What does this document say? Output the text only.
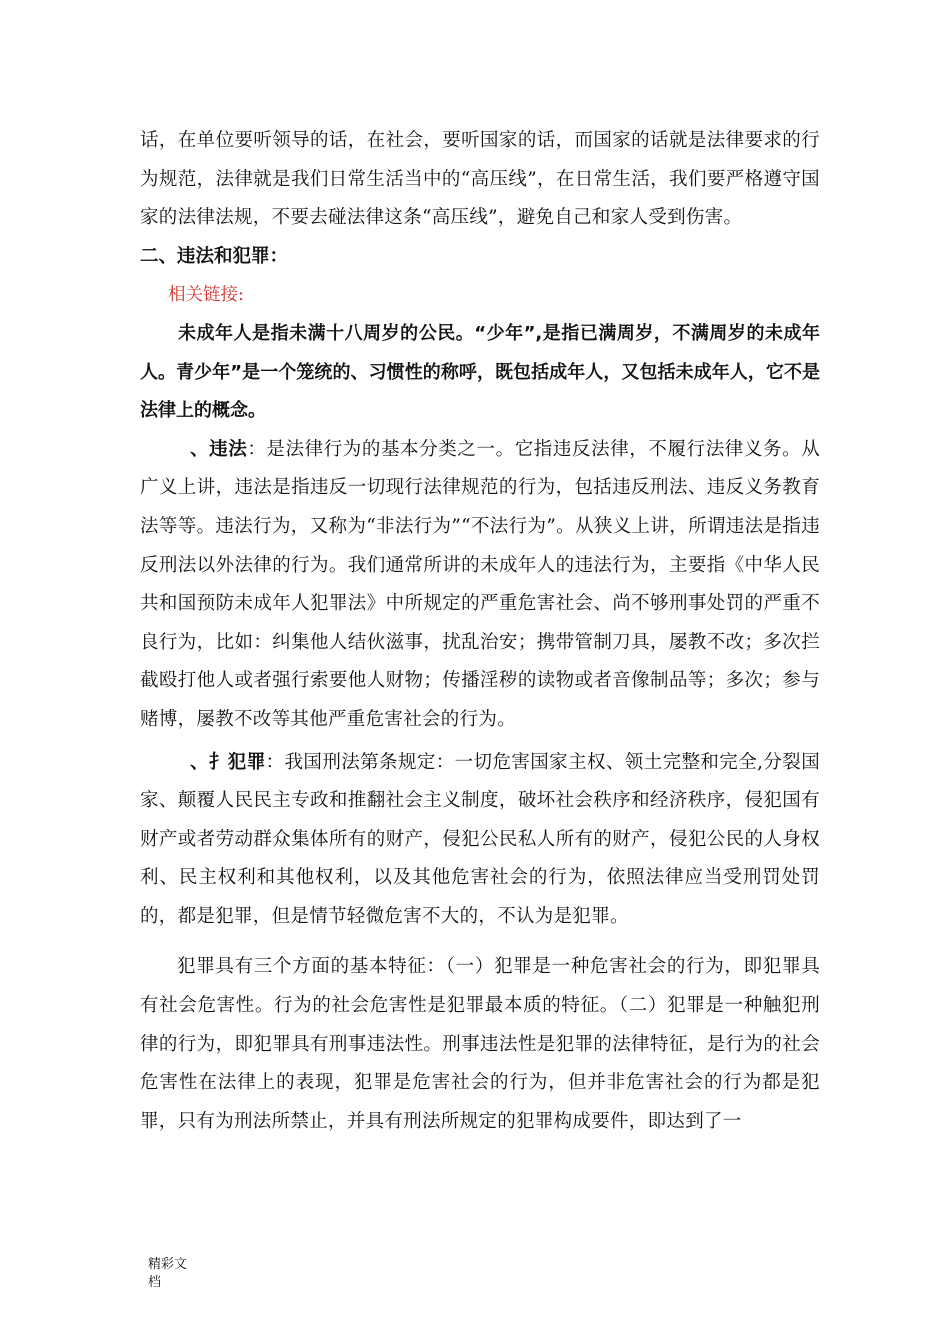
话，在单位要听领导的话，在社会，要听国家的话，而国家的话就是法律要求的行为规范，法律就是我们日常生活当中的“高压线”，在日常生活，我们要严格遵守国家的法律法规，不要去碰法律这条“高压线”，避免自己和家人受到伤害。

二、违法和犯罪：

相关链接:

未成年人是指未满十八周岁的公民。“少年”,是指已满周岁，不满周岁的未成年人。青少年”是一个笼统的、习惯性的称呼，既包括成年人，又包括未成年人，它不是法律上的概念。

、违法：是法律行为的基本分类之一。它指违反法律，不履行法律义务。从广义上讲，违法是指违反一切现行法律规范的行为，包括违反刑法、违反义务教育法等等。违法行为，又称为“非法行为”“不法行为”。从狭义上讲，所谓违法是指违反刑法以外法律的行为。我们通常所讲的未成年人的违法行为，主要指《中华人民共和国预防未成年人犯罪法》中所规定的严重危害社会、尚不够刑事处罚的严重不良行为，比如：纠集他人结伙滋事，扰乱治安；携带管制刀具，屡教不改；多次拦截殴打他人或者强行索要他人财物；传播淫秽的读物或者音像制品等；多次；参与赌博，屡教不改等其他严重危害社会的行为。

、扌犯罪：我国刑法第条规定：一切危害国家主权、领土完整和完全,分裂国家、颠覆人民民主专政和推翻社会主义制度，破坏社会秩序和经济秩序，侵犯国有财产或者劳动群众集体所有的财产，侵犯公民私人所有的财产，侵犯公民的人身权利、民主权利和其他权利，以及其他危害社会的行为，依照法律应当受刑罚处罚的，都是犯罪，但是情节轻微危害不大的，不认为是犯罪。

犯罪具有三个方面的基本特征：（一）犯罪是一种危害社会的行为，即犯罪具有社会危害性。行为的社会危害性是犯罪最本质的特征。（二）犯罪是一种触犯刑律的行为，即犯罪具有刑事违法性。刑事违法性是犯罪的法律特征，是行为的社会危害性在法律上的表现，犯罪是危害社会的行为，但并非危害社会的行为都是犯罪，只有为刑法所禁止，并具有刑法所规定的犯罪构成要件，即达到了一

精彩文
档
